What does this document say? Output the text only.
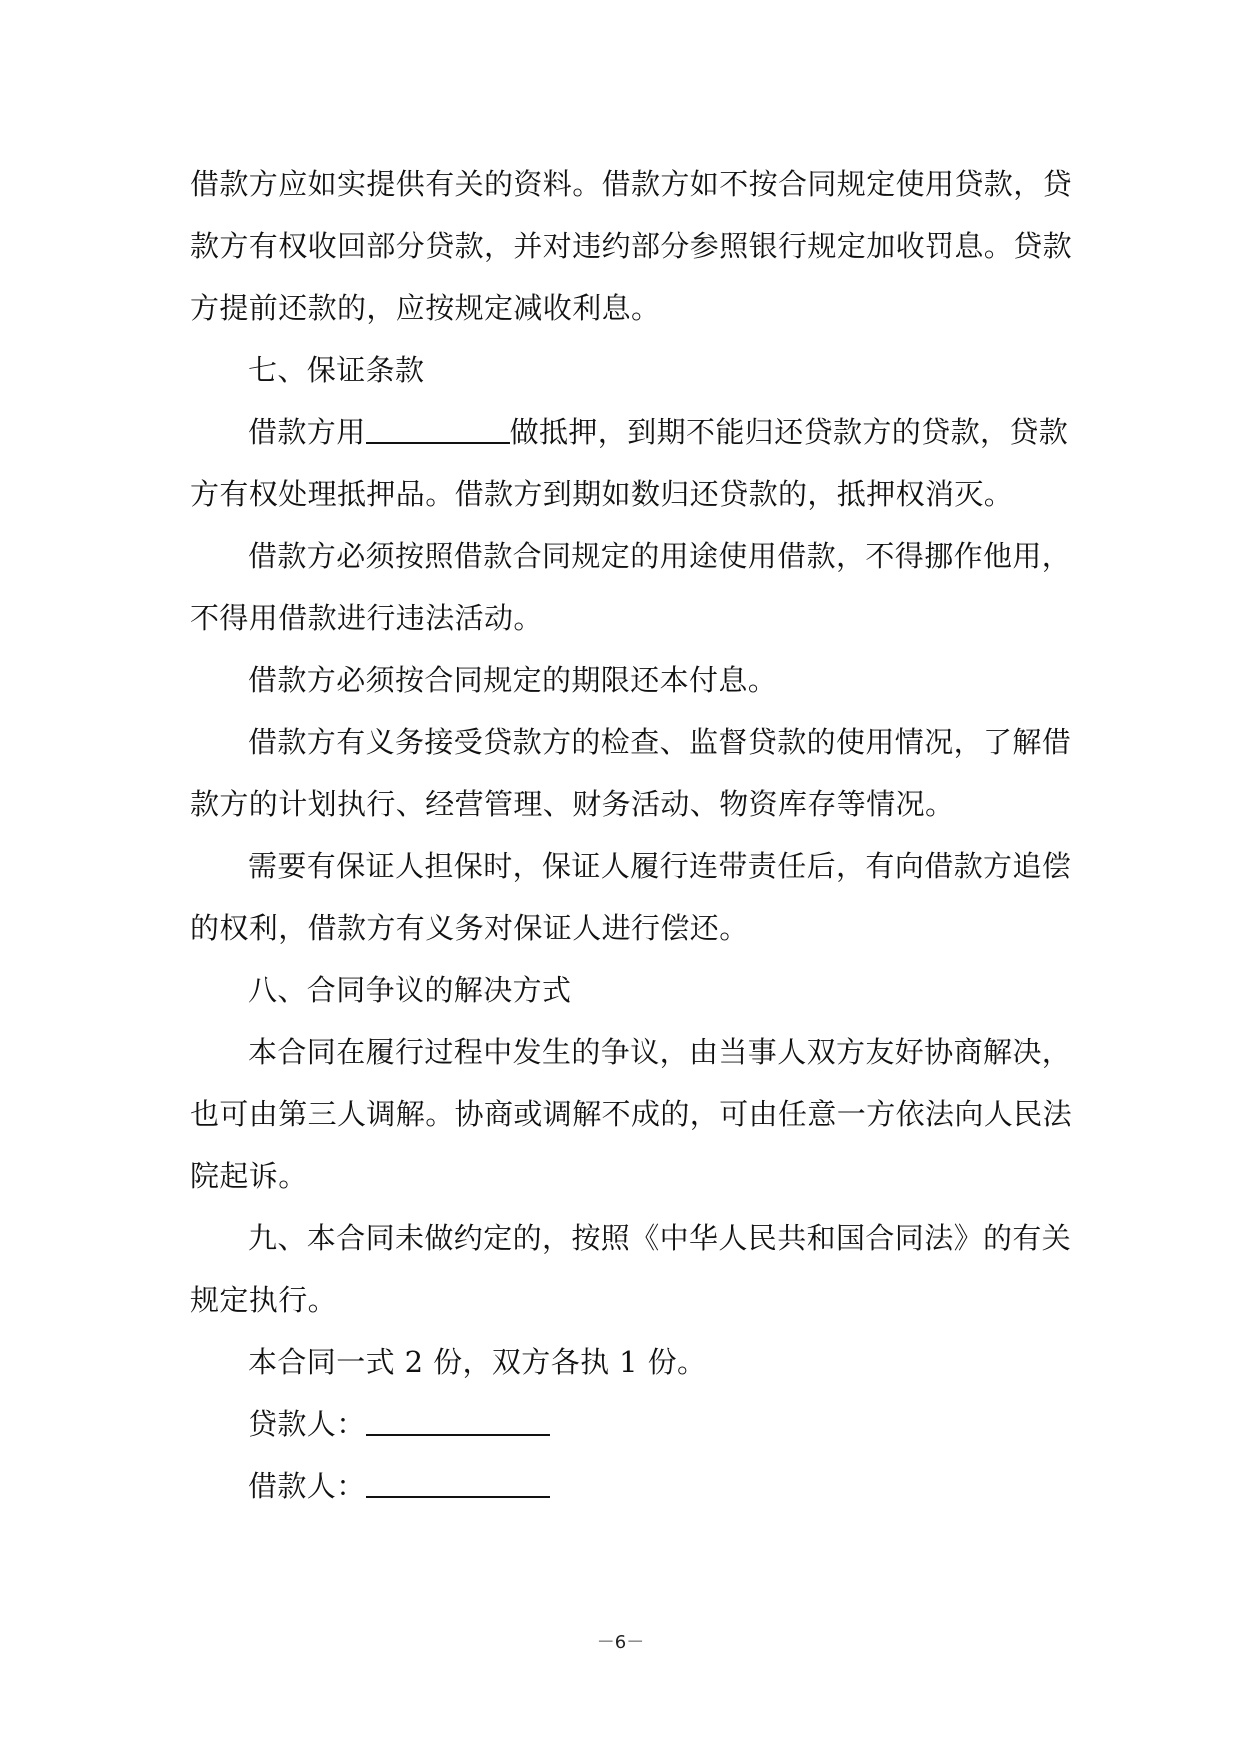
借款方应如实提供有关的资料。借款方如不按合同规定使用贷款，贷
款方有权收回部分贷款，并对违约部分参照银行规定加收罚息。贷款
方提前还款的，应按规定减收利息。
七、保证条款
借款方用	做抵押，到期不能归还贷款方的贷款，贷款
方有权处理抵押品。借款方到期如数归还贷款的，抵押权消灭。
借款方必须按照借款合同规定的用途使用借款，不得挪作他用，
不得用借款进行违法活动。
借款方必须按合同规定的期限还本付息。
借款方有义务接受贷款方的检查、监督贷款的使用情况，了解借
款方的计划执行、经营管理、财务活动、物资库存等情况。
需要有保证人担保时，保证人履行连带责任后，有向借款方追偿
的权利，借款方有义务对保证人进行偿还。
八、合同争议的解决方式
本合同在履行过程中发生的争议，由当事人双方友好协商解决，
也可由第三人调解。协商或调解不成的，可由任意一方依法向人民法
院起诉。
九、本合同未做约定的，按照《中华人民共和国合同法》的有关
规定执行。
本合同一式 2 份，双方各执 1 份。
贷款人：
借款人：
－6－
